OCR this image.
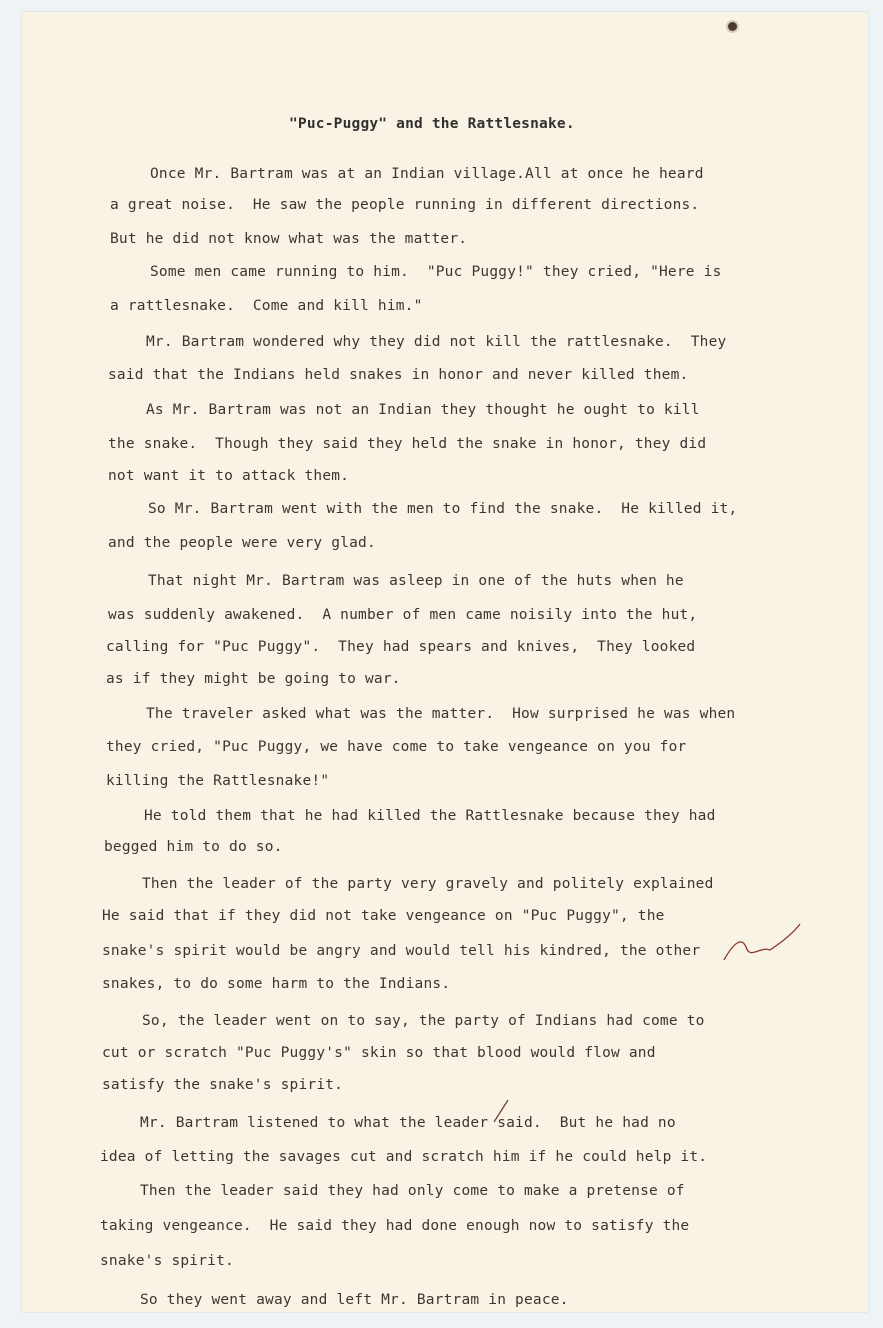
"Puc-Puggy" and the Rattlesnake.
Once Mr. Bartram was at an Indian village.All at once he heard
a great noise.  He saw the people running in different directions.
But he did not know what was the matter.
Some men came running to him.  "Puc Puggy!" they cried, "Here is
a rattlesnake.  Come and kill him."
Mr. Bartram wondered why they did not kill the rattlesnake.  They
said that the Indians held snakes in honor and never killed them.
As Mr. Bartram was not an Indian they thought he ought to kill
the snake.  Though they said they held the snake in honor, they did
not want it to attack them.
So Mr. Bartram went with the men to find the snake.  He killed it,
and the people were very glad.
That night Mr. Bartram was asleep in one of the huts when he
was suddenly awakened.  A number of men came noisily into the hut,
calling for "Puc Puggy".  They had spears and knives,  They looked
as if they might be going to war.
The traveler asked what was the matter.  How surprised he was when
they cried, "Puc Puggy, we have come to take vengeance on you for
killing the Rattlesnake!"
He told them that he had killed the Rattlesnake because they had
begged him to do so.
Then the leader of the party very gravely and politely explained
He said that if they did not take vengeance on "Puc Puggy", the
snake's spirit would be angry and would tell his kindred, the other
snakes, to do some harm to the Indians.
So, the leader went on to say, the party of Indians had come to
cut or scratch "Puc Puggy's" skin so that blood would flow and
satisfy the snake's spirit.
Mr. Bartram listened to what the leader said.  But he had no
idea of letting the savages cut and scratch him if he could help it.
Then the leader said they had only come to make a pretense of
taking vengeance.  He said they had done enough now to satisfy the
snake's spirit.
So they went away and left Mr. Bartram in peace.
